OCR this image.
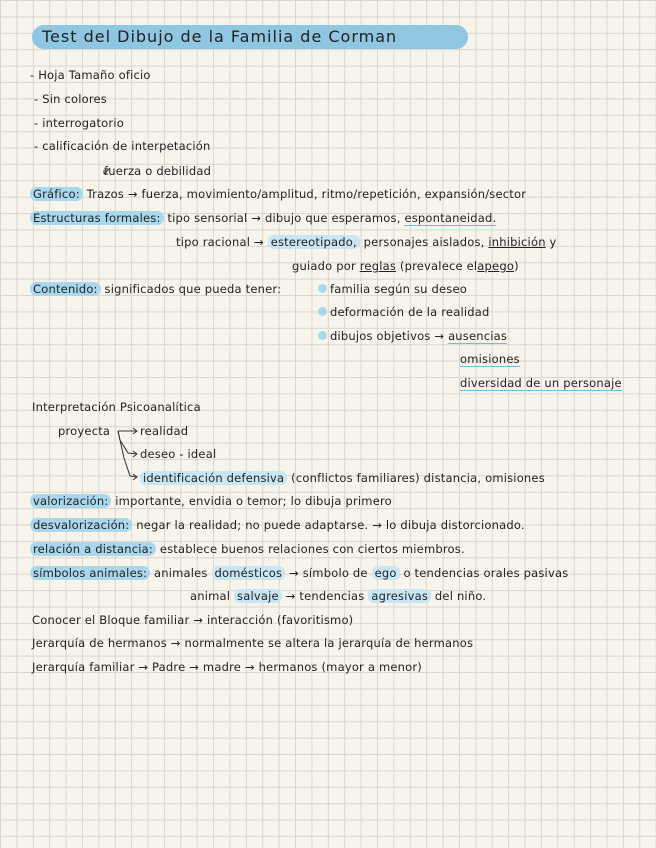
Test del Dibujo de la Familia de Corman
- Hoja Tamaño oficio
- Sin colores
- interrogatorio
- calificación de interpetación
fuerza o debilidad
Gráfico: Trazos → fuerza, movimiento/amplitud, ritmo/repetición, expansión/sector
Estructuras formales: tipo sensorial → dibujo que esperamos, espontaneidad.
tipo racional → estereotipado, personajes aislados, inhibición y
guiado por reglas (prevalece elapego)
Contenido: significados que pueda tener:	familia según su deseo
deformación de la realidad
dibujos objetivos → ausencias
omisiones
diversidad de un personaje
Interpretación Psicoanalítica
proyecta	realidad
deseo - ideal
identificación defensiva (conflictos familiares) distancia, omisiones
valorización: importante, envidia o temor; lo dibuja primero
desvalorización: negar la realidad; no puede adaptarse. → lo dibuja distorcionado.
relación a distancia: establece buenos relaciones con ciertos miembros.
símbolos animales: animales domésticos → símbolo de ego o tendencias orales pasivas
animal salvaje → tendencias agresivas del niño.
Conocer el Bloque familiar → interacción (favoritismo)
Jerarquía de hermanos → normalmente se altera la jerarquía de hermanos
Jerarquía familiar → Padre → madre → hermanos (mayor a menor)
